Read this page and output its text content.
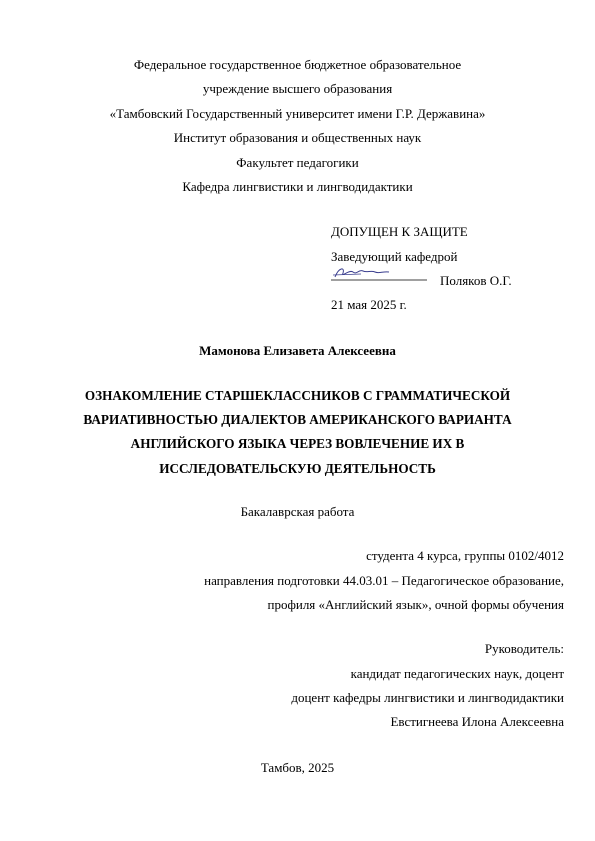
Федеральное государственное бюджетное образовательное
учреждение высшего образования
«Тамбовский Государственный университет имени Г.Р. Державина»
Институт образования и общественных наук
Факультет педагогики
Кафедра лингвистики и лингводидактики
ДОПУЩЕН К ЗАЩИТЕ
Заведующий кафедрой
Поляков О.Г.
21 мая 2025 г.
Мамонова Елизавета Алексеевна
ОЗНАКОМЛЕНИЕ СТАРШЕКЛАССНИКОВ С ГРАММАТИЧЕСКОЙ
ВАРИАТИВНОСТЬЮ ДИАЛЕКТОВ АМЕРИКАНСКОГО ВАРИАНТА
АНГЛИЙСКОГО ЯЗЫКА ЧЕРЕЗ ВОВЛЕЧЕНИЕ ИХ В
ИССЛЕДОВАТЕЛЬСКУЮ ДЕЯТЕЛЬНОСТЬ
Бакалаврская работа
студента 4 курса, группы 0102/4012
направления подготовки 44.03.01 – Педагогическое образование,
профиля «Английский язык», очной формы обучения
Руководитель:
кандидат педагогических наук, доцент
доцент кафедры лингвистики и лингводидактики
Евстигнеева Илона Алексеевна
Тамбов, 2025
